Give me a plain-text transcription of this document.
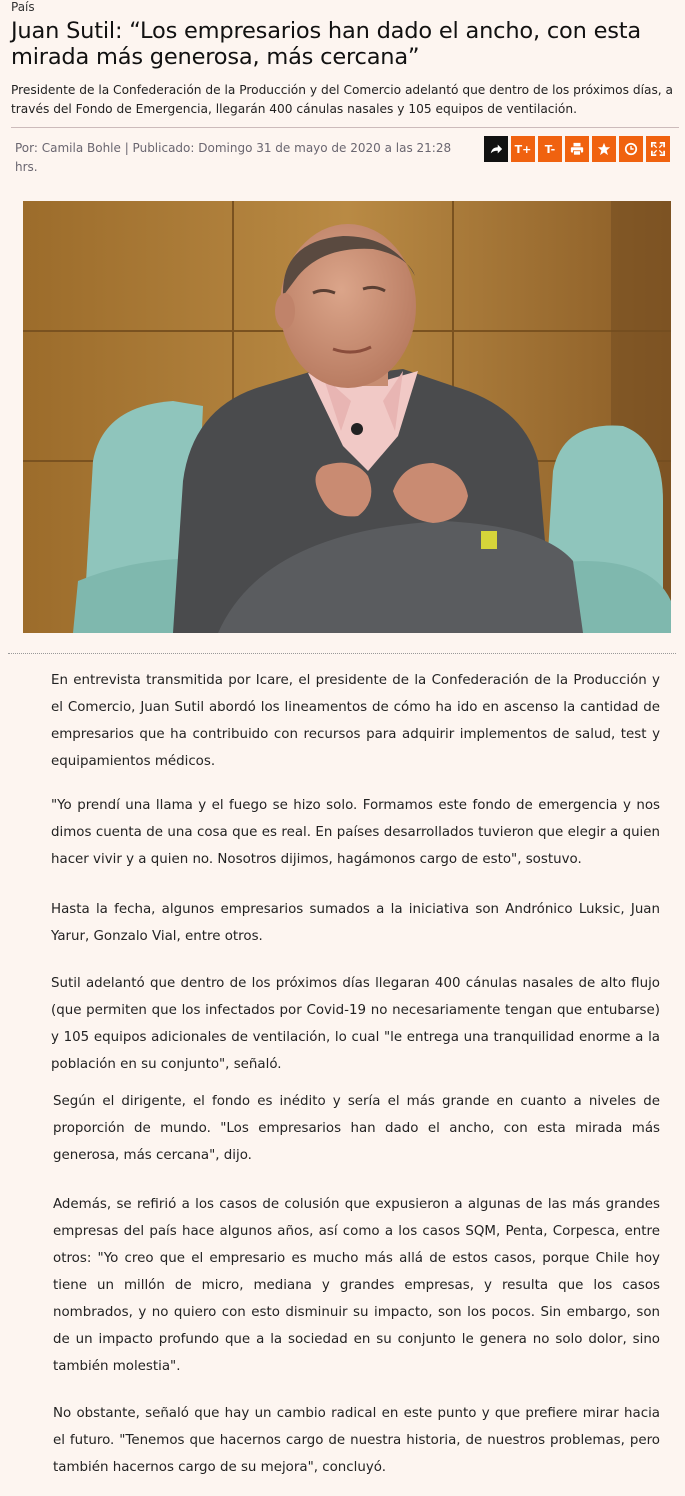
País
Juan Sutil: “Los empresarios han dado el ancho, con esta mirada más generosa, más cercana”

Presidente de la Confederación de la Producción y del Comercio adelantó que dentro de los próximos días, a través del Fondo de Emergencia, llegarán 400 cánulas nasales y 105 equipos de ventilación.

Por: Camila Bohle | Publicado: Domingo 31 de mayo de 2020 a las 21:28 hrs.
T+	T-

En entrevista transmitida por Icare, el presidente de la Confederación de la Producción y el Comercio, Juan Sutil abordó los lineamentos de cómo ha ido en ascenso la cantidad de empresarios que ha contribuido con recursos para adquirir implementos de salud, test y equipamientos médicos.

"Yo prendí una llama y el fuego se hizo solo. Formamos este fondo de emergencia y nos dimos cuenta de una cosa que es real. En países desarrollados tuvieron que elegir a quien hacer vivir y a quien no. Nosotros dijimos, hagámonos cargo de esto", sostuvo.

Hasta la fecha, algunos empresarios sumados a la iniciativa son Andrónico Luksic, Juan Yarur, Gonzalo Vial, entre otros.

Sutil adelantó que dentro de los próximos días llegaran 400 cánulas nasales de alto flujo (que permiten que los infectados por Covid-19 no necesariamente tengan que entubarse) y 105 equipos adicionales de ventilación, lo cual "le entrega una tranquilidad enorme a la población en su conjunto", señaló.

Según el dirigente, el fondo es inédito y sería el más grande en cuanto a niveles de proporción de mundo. "Los empresarios han dado el ancho, con esta mirada más generosa, más cercana", dijo.

Además, se refirió a los casos de colusión que expusieron a algunas de las más grandes empresas del país hace algunos años, así como a los casos SQM, Penta, Corpesca, entre otros: "Yo creo que el empresario es mucho más allá de estos casos, porque Chile hoy tiene un millón de micro, mediana y grandes empresas, y resulta que los casos nombrados, y no quiero con esto disminuir su impacto, son los pocos. Sin embargo, son de un impacto profundo que a la sociedad en su conjunto le genera no solo dolor, sino también molestia".

No obstante, señaló que hay un cambio radical en este punto y que prefiere mirar hacia el futuro. "Tenemos que hacernos cargo de nuestra historia, de nuestros problemas, pero también hacernos cargo de su mejora", concluyó.
